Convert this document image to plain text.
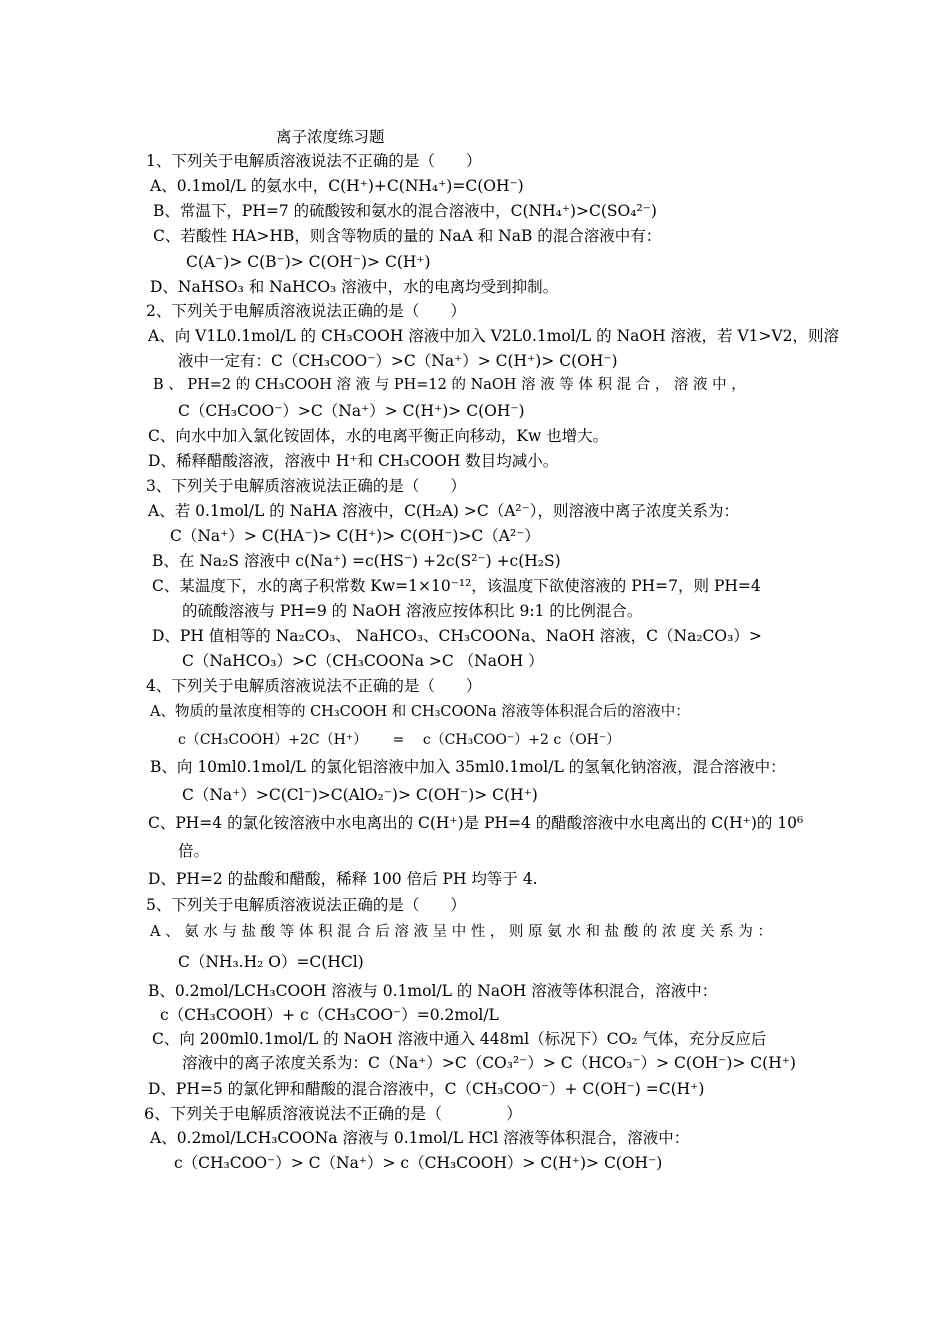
离子浓度练习题
1、下列关于电解质溶液说法不正确的是（　　）
A、0.1mol/L 的氨水中，C(H⁺)+C(NH₄⁺)=C(OH⁻)
B、常温下，PH=7 的硫酸铵和氨水的混合溶液中，C(NH₄⁺)>C(SO₄²⁻)
C、若酸性 HA>HB，则含等物质的量的 NaA 和 NaB 的混合溶液中有：
C(A⁻)> C(B⁻)> C(OH⁻)> C(H⁺)
D、NaHSO₃ 和 NaHCO₃ 溶液中，水的电离均受到抑制。
2、下列关于电解质溶液说法正确的是（　　）
A、向 V1L0.1mol/L 的 CH₃COOH 溶液中加入 V2L0.1mol/L 的 NaOH 溶液，若 V1>V2，则溶
液中一定有：C（CH₃COO⁻）>C（Na⁺）> C(H⁺)> C(OH⁻)
B 、 PH=2 的 CH₃COOH 溶 液 与 PH=12 的 NaOH 溶 液 等 体 积 混 合 ， 溶 液 中 ，
C（CH₃COO⁻）>C（Na⁺）> C(H⁺)> C(OH⁻)
C、向水中加入氯化铵固体，水的电离平衡正向移动，Kw 也增大。
D、稀释醋酸溶液，溶液中 H⁺和 CH₃COOH 数目均减小。
3、下列关于电解质溶液说法正确的是（　　）
A、若 0.1mol/L 的 NaHA 溶液中，C(H₂A) >C（A²⁻），则溶液中离子浓度关系为：
C（Na⁺）> C(HA⁻)> C(H⁺)> C(OH⁻)>C（A²⁻）
B、在 Na₂S 溶液中 c(Na⁺) =c(HS⁻) +2c(S²⁻) +c(H₂S)
C、某温度下，水的离子积常数 Kw=1×10⁻¹²，该温度下欲使溶液的 PH=7，则 PH=4
的硫酸溶液与 PH=9 的 NaOH 溶液应按体积比 9:1 的比例混合。
D、PH 值相等的 Na₂CO₃、 NaHCO₃、CH₃COONa、NaOH 溶液，C（Na₂CO₃）>
C（NaHCO₃）>C（CH₃COONa >C （NaOH ）
4、下列关于电解质溶液说法不正确的是（　　）
A、物质的量浓度相等的 CH₃COOH 和 CH₃COONa 溶液等体积混合后的溶液中：
c（CH₃COOH）+2C（H⁺）　　 = 　c（CH₃COO⁻）+2 c（OH⁻）
B、向 10ml0.1mol/L 的氯化铝溶液中加入 35ml0.1mol/L 的氢氧化钠溶液，混合溶液中：
C（Na⁺）>C(Cl⁻)>C(AlO₂⁻)> C(OH⁻)> C(H⁺)
C、PH=4 的氯化铵溶液中水电离出的 C(H⁺)是 PH=4 的醋酸溶液中水电离出的 C(H⁺)的 10⁶
倍。
D、PH=2 的盐酸和醋酸，稀释 100 倍后 PH 均等于 4.
5、下列关于电解质溶液说法正确的是（　　）
A 、 氨 水 与 盐 酸 等 体 积 混 合 后 溶 液 呈 中 性 ， 则 原 氨 水 和 盐 酸 的 浓 度 关 系 为 ：
C（NH₃.H₂ O）=C(HCl)
B、0.2mol/LCH₃COOH 溶液与 0.1mol/L 的 NaOH 溶液等体积混合，溶液中：
c（CH₃COOH）+ c（CH₃COO⁻）=0.2mol/L
C、向 200ml0.1mol/L 的 NaOH 溶液中通入 448ml（标况下）CO₂ 气体，充分反应后
溶液中的离子浓度关系为：C（Na⁺）>C（CO₃²⁻）> C（HCO₃⁻）> C(OH⁻)> C(H⁺)
D、PH=5 的氯化钾和醋酸的混合溶液中，C（CH₃COO⁻）+ C(OH⁻) =C(H⁺)
6、下列关于电解质溶液说法不正确的是（　　　　）
A、0.2mol/LCH₃COONa 溶液与 0.1mol/L HCl 溶液等体积混合，溶液中：
c（CH₃COO⁻）> C（Na⁺）> c（CH₃COOH）> C(H⁺)> C(OH⁻)
